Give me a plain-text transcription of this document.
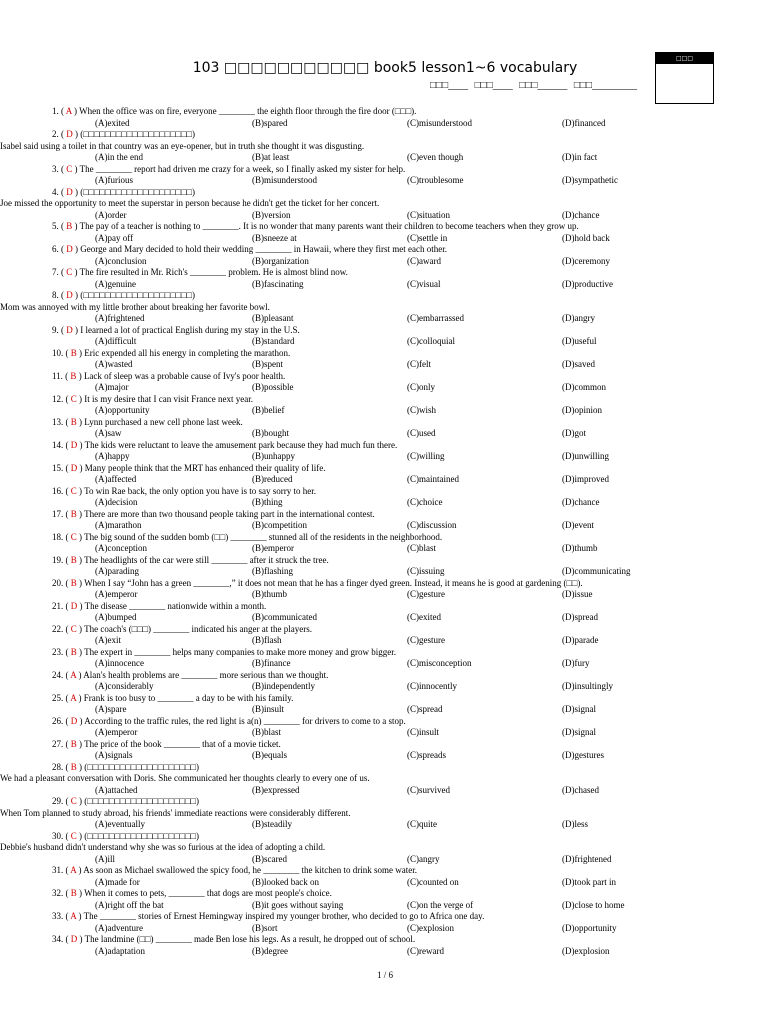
103 □□□□□□□□□□□ book5 lesson1~6 vocabulary
□□□____ □□□____ □□□______ □□□_________
□□□
1. ( A ) When the office was on fire, everyone ________ the eighth floor through the fire door (□□□).
(A)exited	(B)spared	(C)misunderstood	(D)financed
2. ( D ) (□□□□□□□□□□□□□□□□□□□□)
Isabel said using a toilet in that country was an eye-opener, but in truth she thought it was disgusting.
(A)in the end	(B)at least	(C)even though	(D)in fact
3. ( C ) The ________ report had driven me crazy for a week, so I finally asked my sister for help.
(A)furious	(B)misunderstood	(C)troublesome	(D)sympathetic
4. ( D ) (□□□□□□□□□□□□□□□□□□□□)
Joe missed the opportunity to meet the superstar in person because he didn't get the ticket for her concert.
(A)order	(B)version	(C)situation	(D)chance
5. ( B ) The pay of a teacher is nothing to ________. It is no wonder that many parents want their children to become teachers when they grow up.
(A)pay off	(B)sneeze at	(C)settle in	(D)hold back
6. ( D ) George and Mary decided to hold their wedding ________ in Hawaii, where they first met each other.
(A)conclusion	(B)organization	(C)award	(D)ceremony
7. ( C ) The fire resulted in Mr. Rich's ________ problem. He is almost blind now.
(A)genuine	(B)fascinating	(C)visual	(D)productive
8. ( D ) (□□□□□□□□□□□□□□□□□□□□)
Mom was annoyed with my little brother about breaking her favorite bowl.
(A)frightened	(B)pleasant	(C)embarrassed	(D)angry
9. ( D ) I learned a lot of practical English during my stay in the U.S.
(A)difficult	(B)standard	(C)colloquial	(D)useful
10. ( B ) Eric expended all his energy in completing the marathon.
(A)wasted	(B)spent	(C)felt	(D)saved
11. ( B ) Lack of sleep was a probable cause of Ivy's poor health.
(A)major	(B)possible	(C)only	(D)common
12. ( C ) It is my desire that I can visit France next year.
(A)opportunity	(B)belief	(C)wish	(D)opinion
13. ( B ) Lynn purchased a new cell phone last week.
(A)saw	(B)bought	(C)used	(D)got
14. ( D ) The kids were reluctant to leave the amusement park because they had much fun there.
(A)happy	(B)unhappy	(C)willing	(D)unwilling
15. ( D ) Many people think that the MRT has enhanced their quality of life.
(A)affected	(B)reduced	(C)maintained	(D)improved
16. ( C ) To win Rae back, the only option you have is to say sorry to her.
(A)decision	(B)thing	(C)choice	(D)chance
17. ( B ) There are more than two thousand people taking part in the international contest.
(A)marathon	(B)competition	(C)discussion	(D)event
18. ( C ) The big sound of the sudden bomb (□□) ________ stunned all of the residents in the neighborhood.
(A)conception	(B)emperor	(C)blast	(D)thumb
19. ( B ) The headlights of the car were still ________ after it struck the tree.
(A)parading	(B)flashing	(C)issuing	(D)communicating
20. ( B ) When I say “John has a green ________,” it does not mean that he has a finger dyed green. Instead, it means he is good at gardening (□□).
(A)emperor	(B)thumb	(C)gesture	(D)issue
21. ( D ) The disease ________ nationwide within a month.
(A)bumped	(B)communicated	(C)exited	(D)spread
22. ( C ) The coach's (□□□) ________ indicated his anger at the players.
(A)exit	(B)flash	(C)gesture	(D)parade
23. ( B ) The expert in ________ helps many companies to make more money and grow bigger.
(A)innocence	(B)finance	(C)misconception	(D)fury
24. ( A ) Alan's health problems are ________ more serious than we thought.
(A)considerably	(B)independently	(C)innocently	(D)insultingly
25. ( A ) Frank is too busy to ________ a day to be with his family.
(A)spare	(B)insult	(C)spread	(D)signal
26. ( D ) According to the traffic rules, the red light is a(n) ________ for drivers to come to a stop.
(A)emperor	(B)blast	(C)insult	(D)signal
27. ( B ) The price of the book ________ that of a movie ticket.
(A)signals	(B)equals	(C)spreads	(D)gestures
28. ( B ) (□□□□□□□□□□□□□□□□□□□□)
We had a pleasant conversation with Doris. She communicated her thoughts clearly to every one of us.
(A)attached	(B)expressed	(C)survived	(D)chased
29. ( C ) (□□□□□□□□□□□□□□□□□□□□)
When Tom planned to study abroad, his friends' immediate reactions were considerably different.
(A)eventually	(B)steadily	(C)quite	(D)less
30. ( C ) (□□□□□□□□□□□□□□□□□□□□)
Debbie's husband didn't understand why she was so furious at the idea of adopting a child.
(A)ill	(B)scared	(C)angry	(D)frightened
31. ( A ) As soon as Michael swallowed the spicy food, he ________ the kitchen to drink some water.
(A)made for	(B)looked back on	(C)counted on	(D)took part in
32. ( B ) When it comes to pets, ________ that dogs are most people's choice.
(A)right off the bat	(B)it goes without saying	(C)on the verge of	(D)close to home
33. ( A ) The ________ stories of Ernest Hemingway inspired my younger brother, who decided to go to Africa one day.
(A)adventure	(B)sort	(C)explosion	(D)opportunity
34. ( D ) The landmine (□□) ________ made Ben lose his legs. As a result, he dropped out of school.
(A)adaptation	(B)degree	(C)reward	(D)explosion
1 / 6
